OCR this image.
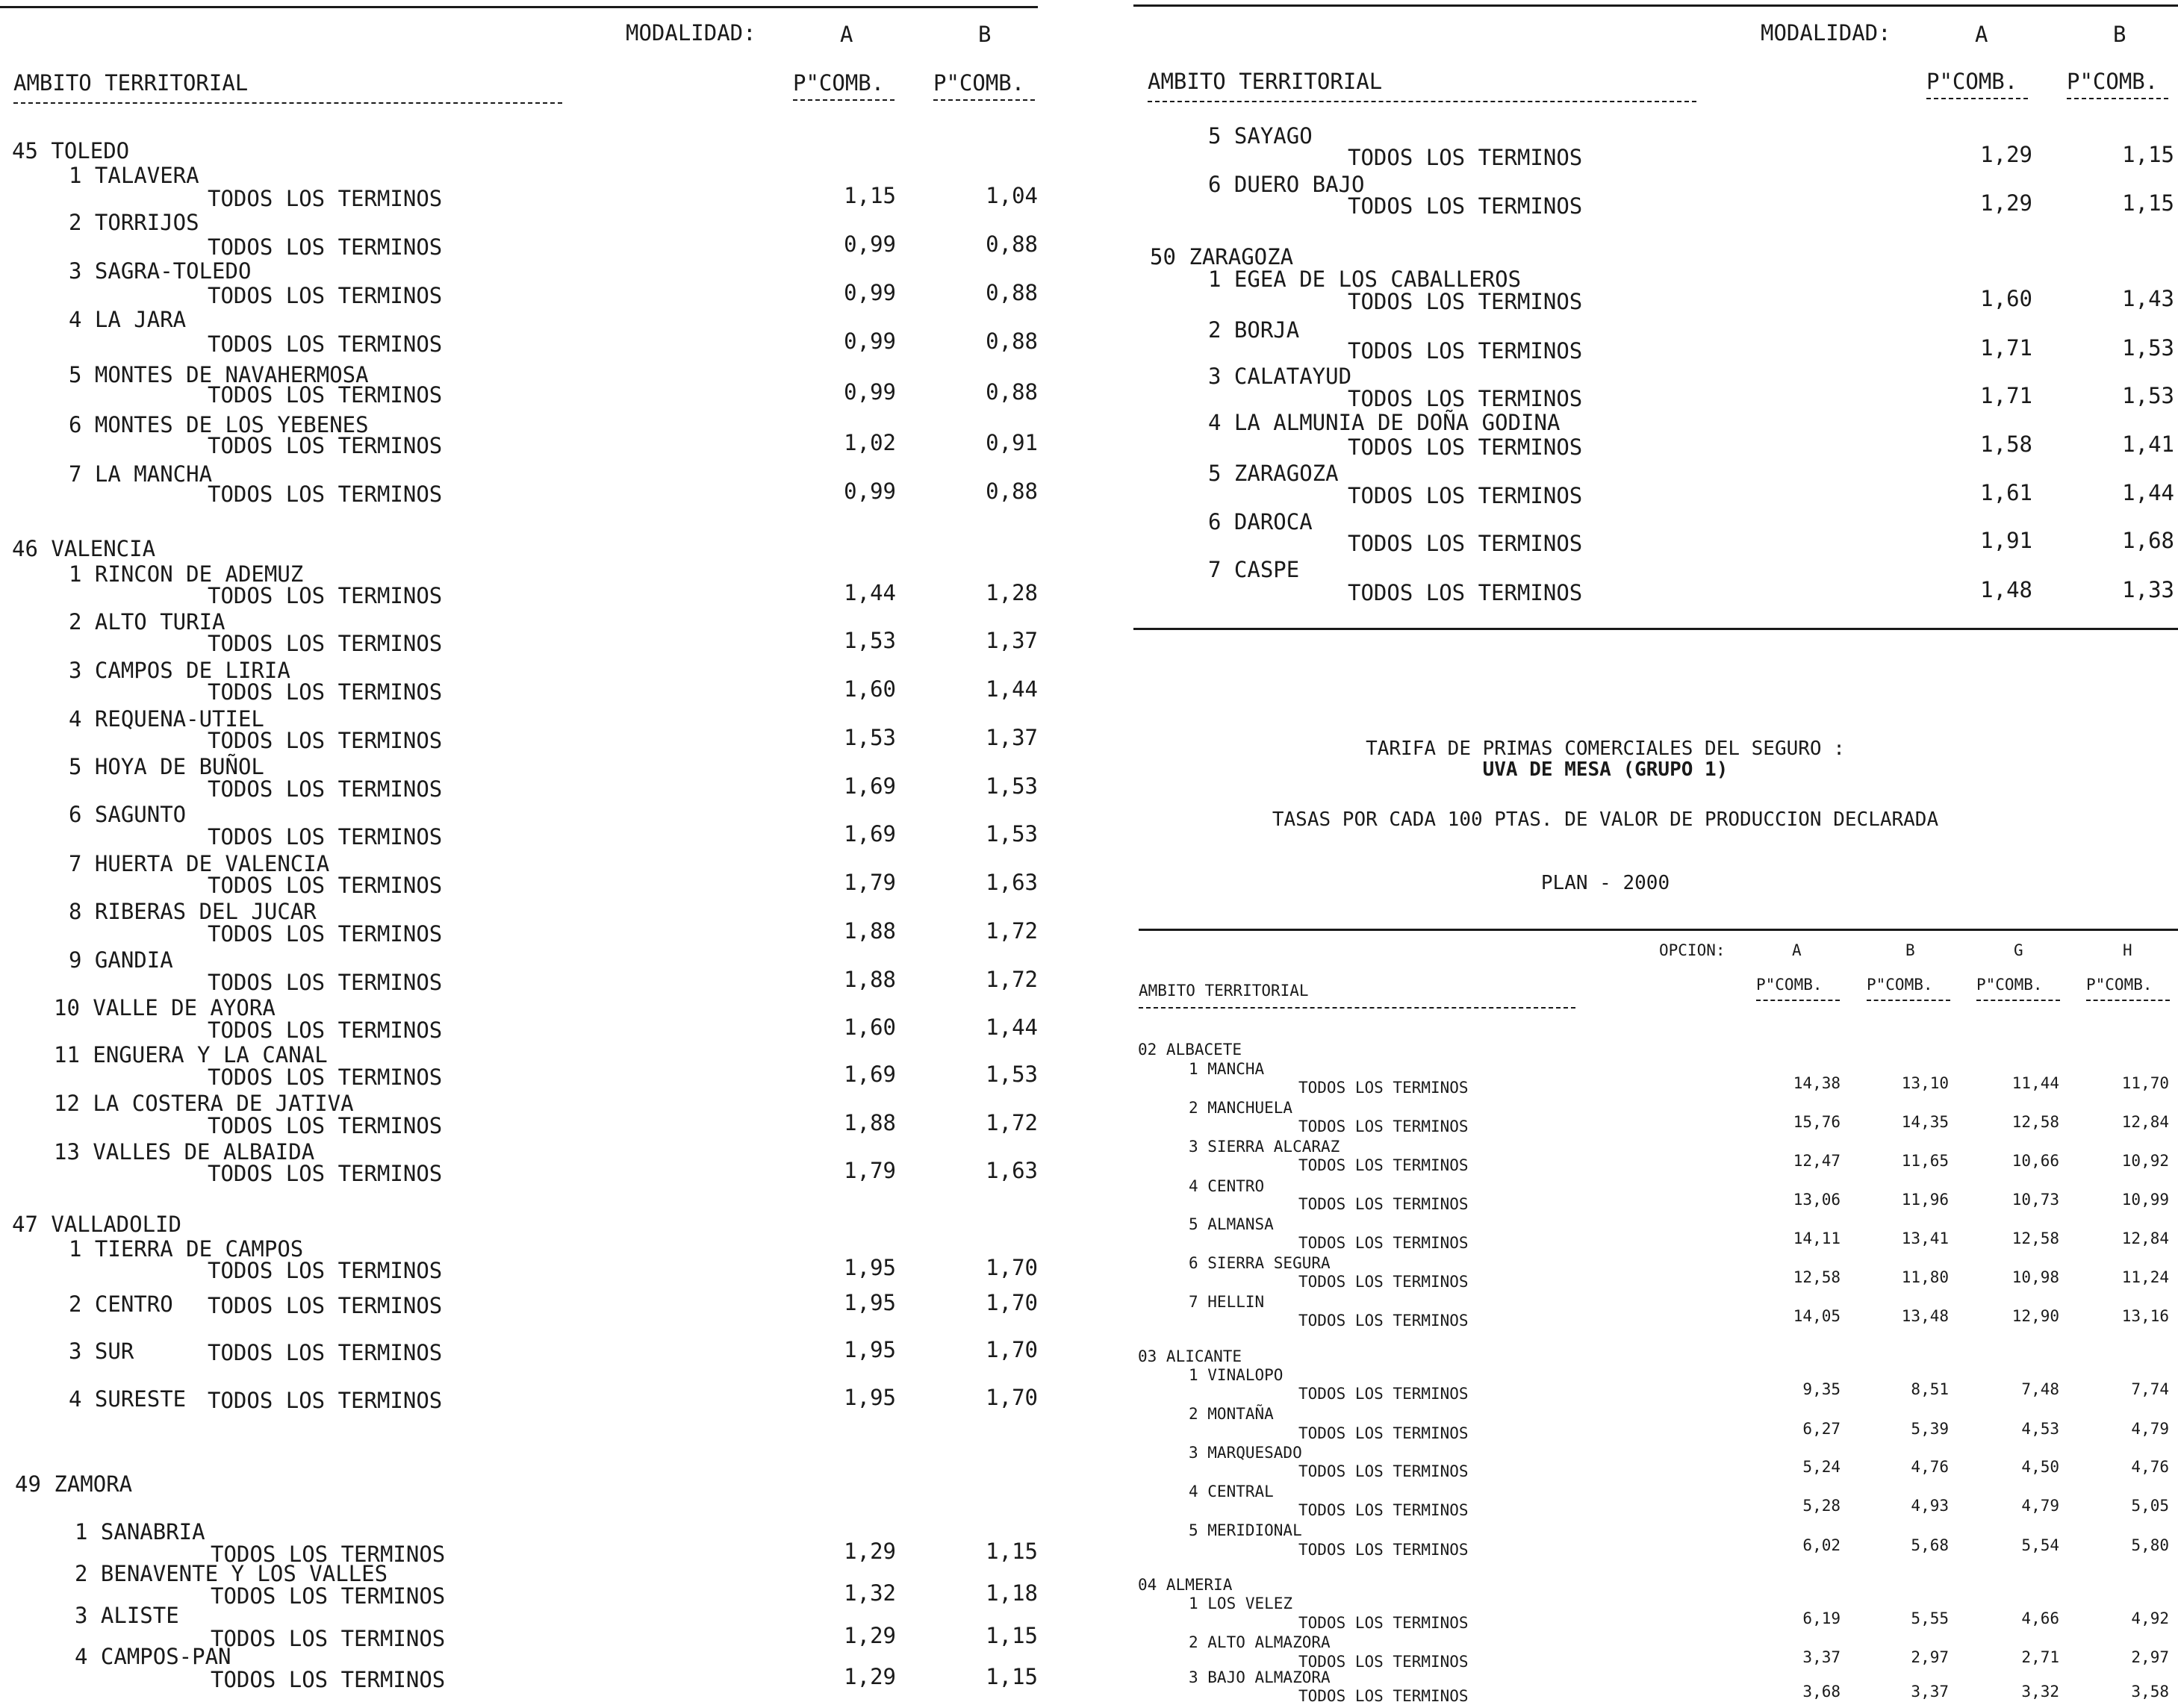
MODALIDAD:	A	B
AMBITO TERRITORIAL	P"COMB. P"COMB.
45 TOLEDO
1 TALAVERA
TODOS LOS TERMINOS	1,15	1,04
2 TORRIJOS
TODOS LOS TERMINOS	0,99	0,88
3 SAGRA-TOLEDO
TODOS LOS TERMINOS	0,99	0,88
4 LA JARA
TODOS LOS TERMINOS	0,99	0,88
5 MONTES DE NAVAHERMOSA
TODOS LOS TERMINOS	0,99	0,88
6 MONTES DE LOS YEBENES
TODOS LOS TERMINOS	1,02	0,91
7 LA MANCHA
TODOS LOS TERMINOS	0,99	0,88
46 VALENCIA
1 RINCON DE ADEMUZ
TODOS LOS TERMINOS	1,44	1,28
2 ALTO TURIA
TODOS LOS TERMINOS	1,53	1,37
3 CAMPOS DE LIRIA
TODOS LOS TERMINOS	1,60	1,44
4 REQUENA-UTIEL
TODOS LOS TERMINOS	1,53	1,37
5 HOYA DE BUÑOL
TODOS LOS TERMINOS	1,69	1,53
6 SAGUNTO
TODOS LOS TERMINOS	1,69	1,53
7 HUERTA DE VALENCIA
TODOS LOS TERMINOS	1,79	1,63
8 RIBERAS DEL JUCAR
TODOS LOS TERMINOS	1,88	1,72
9 GANDIA
TODOS LOS TERMINOS	1,88	1,72
10 VALLE DE AYORA
TODOS LOS TERMINOS	1,60	1,44
11 ENGUERA Y LA CANAL
TODOS LOS TERMINOS	1,69	1,53
12 LA COSTERA DE JATIVA
TODOS LOS TERMINOS	1,88	1,72
13 VALLES DE ALBAIDA
TODOS LOS TERMINOS	1,79	1,63
47 VALLADOLID
1 TIERRA DE CAMPOS
TODOS LOS TERMINOS	1,95	1,70
2 CENTRO TODOS LOS TERMINOS	1,95	1,70
3 SUR	TODOS LOS TERMINOS	1,95	1,70
4 SURESTE TODOS LOS TERMINOS	1,95	1,70
49 ZAMORA
1 SANABRIA
TODOS LOS TERMINOS	1,29	1,15
2 BENAVENTE Y LOS VALLES
TODOS LOS TERMINOS	1,32	1,18
3 ALISTE
TODOS LOS TERMINOS	1,29	1,15
4 CAMPOS-PAN
TODOS LOS TERMINOS	1,29	1,15
MODALIDAD:	A	B
AMBITO TERRITORIAL	P"COMB. P"COMB.
5 SAYAGO
TODOS LOS TERMINOS	1,29	1,15
6 DUERO BAJO
TODOS LOS TERMINOS	1,29	1,15
50 ZARAGOZA
1 EGEA DE LOS CABALLEROS
TODOS LOS TERMINOS	1,60	1,43
2 BORJA
TODOS LOS TERMINOS	1,71	1,53
3 CALATAYUD
TODOS LOS TERMINOS	1,71	1,53
4 LA ALMUNIA DE DOÑA GODINA
TODOS LOS TERMINOS	1,58	1,41
5 ZARAGOZA
TODOS LOS TERMINOS	1,61	1,44
6 DAROCA
TODOS LOS TERMINOS	1,91	1,68
7 CASPE
TODOS LOS TERMINOS	1,48	1,33
TARIFA DE PRIMAS COMERCIALES DEL SEGURO :
UVA DE MESA (GRUPO 1)
TASAS POR CADA 100 PTAS. DE VALOR DE PRODUCCION DECLARADA
PLAN - 2000
OPCION:	A	B	G	H
AMBITO TERRITORIAL	P"COMB.	P"COMB.	P"COMB.	P"COMB.
02 ALBACETE
1 MANCHA
TODOS LOS TERMINOS	14,38	13,10	11,44	11,70
2 MANCHUELA
TODOS LOS TERMINOS	15,76	14,35	12,58	12,84
3 SIERRA ALCARAZ
TODOS LOS TERMINOS	12,47	11,65	10,66	10,92
4 CENTRO
TODOS LOS TERMINOS	13,06	11,96	10,73	10,99
5 ALMANSA
TODOS LOS TERMINOS	14,11	13,41	12,58	12,84
6 SIERRA SEGURA
TODOS LOS TERMINOS	12,58	11,80	10,98	11,24
7 HELLIN
TODOS LOS TERMINOS	14,05	13,48	12,90	13,16
03 ALICANTE
1 VINALOPO
TODOS LOS TERMINOS	9,35	8,51	7,48	7,74
2 MONTAÑA
TODOS LOS TERMINOS	6,27	5,39	4,53	4,79
3 MARQUESADO
TODOS LOS TERMINOS	5,24	4,76	4,50	4,76
4 CENTRAL
TODOS LOS TERMINOS	5,28	4,93	4,79	5,05
5 MERIDIONAL
TODOS LOS TERMINOS	6,02	5,68	5,54	5,80
04 ALMERIA
1 LOS VELEZ
TODOS LOS TERMINOS	6,19	5,55	4,66	4,92
2 ALTO ALMAZORA
TODOS LOS TERMINOS	3,37	2,97	2,71	2,97
3 BAJO ALMAZORA
TODOS LOS TERMINOS	3,68	3,37	3,32	3,58
